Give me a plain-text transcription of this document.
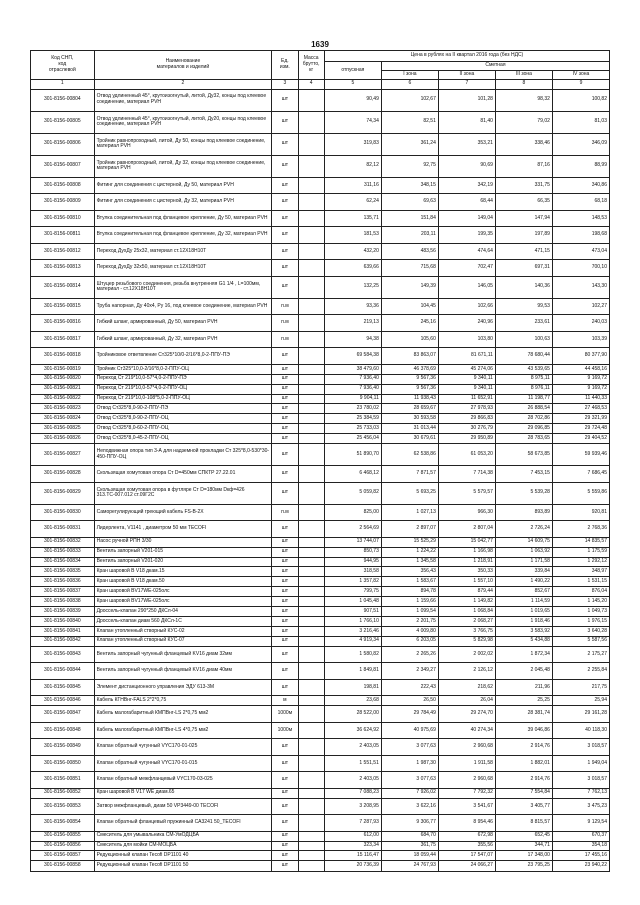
1639
Код СНП,
код
отраслевой	Наименование
материалов и изделий	Ед.
изм.	Масса
брутто,
кг	Цена в рублях на II квартал 2016 года (без НДС)				
				отпускная	Сметная			
					I зона	II зона	III зона	IV зона
1	2	3	4	5	6	7	8	9
301-8156-00804	Отвод удлиненный 45°, крутоизогнутый, литой, Ду32, концы под клеевое соединение, материал PVH	шт		90,49	102,67	101,28	98,32	100,82
301-8156-00805	Отвод удлиненный 45°, крутоизогнутый, литой, Ду20, концы под клеевое соединение, материал PVH	шт		74,34	82,51	81,40	79,02	81,03
301-8156-00806	Тройник равнопроходный, литой, Ду 50, концы под клеевое соединение, материал PVH	шт		319,83	361,24	353,21	338,46	346,09
301-8156-00807	Тройник равнопроходный, литой, Ду 32, концы под клеевое соединение, материал PVH	шт		82,12	92,75	90,69	87,16	88,99
301-8156-00808	Фитинг для соединения с цистерной, Ду 50, материал PVH	шт		311,16	348,15	342,19	331,75	340,86
301-8156-00809	Фитинг для соединения с цистерной, Ду 32, материал PVH	шт		62,24	69,63	68,44	66,35	68,18
301-8156-00810	Втулка соединительная под фланцевое крепление, Ду 50, материал PVH	шт		135,71	151,84	149,04	147,94	148,53
301-8156-00811	Втулка соединительная под фланцевое крепление, Ду 32, материал PVH	шт		181,53	203,11	199,35	197,89	198,68
301-8156-00812	Переход ДуxДу 25x32, материал ст.12X18H10T	шт		432,20	483,56	474,64	471,15	473,04
301-8156-00813	Переход ДуxДу 32x50, материал ст.12X18H10T	шт		639,66	715,68	702,47	697,31	700,10
301-8156-00814	Штуцер резьбового соединения, резьба внутренняя G1 1/4 , L=100мм, материал - ст.12X18H10T	шт		132,25	149,39	146,05	140,36	143,30
301-8156-00815	Труба напорная, Ду 40x4, Ру 16, под клеевое соединение, материал PVH	п.м		93,36	104,45	102,66	99,53	102,27
301-8156-00816	Гибкий шланг, армированный, Ду 50, материал PVH	п.м		219,13	245,16	240,96	233,61	240,03
301-8156-00817	Гибкий шланг, армированный, Ду 32, материал PVH	п.м		94,38	105,60	103,80	100,63	103,39
301-8156-00818	Тройниковое ответвление Ст325*10/0-2/16*8,0-2-ППУ-ПЭ	шт		69 584,38	83 863,07	81 671,11	78 680,44	80 377,90
301-8156-00819	Тройник Ст325*10,0-2/16*8,0-2-ППУ-ОЦ	шт		38 479,60	46 378,69	45 274,06	43 539,65	44 458,16
301-8156-00820	Переход Ст 219*10,0-57*4,0-2-ППУ-ПЭ	шт		7 936,40	9 567,36	9 340,11	8 975,11	9 169,72
301-8156-00821	Переход Ст 219*10,0-57*4,0-2-ППУ-ОЦ	шт		7 936,40	9 567,36	9 340,11	8 976,11	9 169,72
301-8156-00822	Переход Ст 219*10,0-108*5,0-2-ППУ-ОЦ	шт		9 904,11	11 938,43	11 652,91	11 198,77	11 440,33
301-8156-00823	Отвод Ст325*8,0-90-2-ППУ-ПЭ	шт		23 780,02	28 659,67	27 978,93	26 888,54	27 468,53
301-8156-00824	Отвод Ст325*8,0-90-2-ППУ-ОЦ	шт		25 384,59	30 593,58	29 866,83	28 702,86	29 321,99
301-8156-00825	Отвод Ст325*8,0-60-2-ППУ-ОЦ	шт		25 733,03	31 013,44	30 276,79	29 096,85	29 724,48
301-8156-00826	Отвод Ст325*8,0-45-2-ППУ-ОЦ	шт		25 456,04	30 679,61	29 950,89	28 783,65	29 404,52
301-8156-00827	Неподвижная опора тип 3-А для надземной прокладки Ст 325*8,0-530*30-450-ППУ-ОЦ	шт		51 890,70	62 538,86	61 053,20	58 673,85	59 939,46
301-8156-00828	Скользящая хомутовая опора Ст D=450мм СПКТР 27.22.01	шт		6 468,12	7 871,57	7 714,38	7 453,15	7 686,45
301-8156-00829	Скользящая хомутовая опора в футляре Ст D=180мм Dкф=426 313.ТС-007.012 ст.09Г2С	шт		5 059,82	5 693,25	5 579,57	5 539,28	5 559,86
301-8156-00830	Саморегулирующий греющий кабель FS-B-2X	п.м		825,00	1 027,13	966,30	893,89	920,81
301-8156-00831	Лидерлента, V1141 , диаметром 50 мм TECOFI	шт		2 564,69	2 897,07	2 807,04	2 726,24	2 768,36
301-8156-00832	Насос ручной РПН 3/30	шт		13 744,07	15 525,29	15 042,77	14 609,75	14 835,57
301-8156-00833	Вентиль запорный V201-015	шт		850,73	1 224,22	1 166,98	1 063,92	1 175,59
301-8156-00834	Вентиль запорный V201-020	шт		944,95	1 345,58	1 218,91	1 171,58	1 292,12
301-8156-00835	Кран шаровой В V18 дкам.15	шт		318,58	356,43	350,33	339,84	348,97
301-8156-00836	Кран шаровой В V18 дкам.50	шт		1 357,82	1 583,67	1 557,10	1 490,22	1 531,15
301-8156-00837	Кран шаровой BV17WE-025олс	шт		799,75	894,78	879,44	852,67	876,04
301-8156-00838	Кран шаровой BV17WE-025олс	шт		1 045,48	1 159,66	1 149,82	1 114,59	1 145,20
301-8156-00839	Дроссель-клапан 290*250 ДКСл-04	шт		907,51	1 099,54	1 068,84	1 019,65	1 049,73
301-8156-00840	Дроссель-клапан диам 560 ДКСл-1С	шт		1 766,10	2 201,75	2 068,27	1 918,46	1 976,15
301-8156-00841	Клапан утопленный створный КУС-02	шт		3 216,46	4 009,80	3 766,75	3 583,92	3 640,28
301-8156-00842	Клапан утопленный створный КУС-07	шт		4 919,34	6 203,05	5 829,98	5 434,88	5 587,56
301-8156-00843	Вентиль запорный чугунный фланцевый KV16 диам 32мм	шт		1 580,82	2 265,26	2 002,02	1 872,34	2 175,27
301-8156-00844	Вентиль запорный чугунный фланцевый KV16 диам 40мм	шт		1 849,81	2 349,27	2 126,12	2 045,48	2 255,84
301-8156-00845	Элемент дистанционного управления ЭДУ 613-3М	шт		198,81	222,43	218,62	211,96	217,75
301-8156-00846	Кабель КГНВнг-FALS 2*2*0,75	м		23,68	26,50	26,04	25,25	25,94
301-8156-00847	Кабель малогабаритный КМПВнг-LS 2*0,75 мм2	1000м		28 522,00	29 784,49	29 274,70	28 381,74	29 161,28
301-8156-00848	Кабель малогабаритный КМПВнг-LS 4*0,75 мм2	1000м		36 624,92	40 975,69	40 274,34	39 046,86	40 118,30
301-8156-00849	Клапан обратный чугунный VYC170-01-025	шт		2 403,05	3 077,63	2 960,68	2 914,76	3 018,57
301-8156-00850	Клапан обратный чугунный VYC170-01-015	шт		1 551,51	1 987,30	1 911,58	1 882,01	1 949,04
301-8156-00851	Клапан обратный межфланцевый VYC170-03-025	шт		2 403,05	3 077,63	2 960,68	2 914,76	3 018,57
301-8156-00852	Кран шаровой В V17 WE диам.65	шт		7 088,23	7 926,02	7 792,32	7 554,84	7 762,13
301-8156-00853	Затвор межфланцевый, диам 50 VP3449-00 TECOFI	шт		3 208,95	3 622,16	3 541,67	3 405,77	3 475,23
301-8156-00854	Клапан обратный фланцевый пружинный СА3241 50_TECOFI	шт		7 287,93	9 306,77	8 954,46	8 815,57	9 129,54
301-8156-00855	Смеситель для умывальника СМ-УмОДЦБА	шт		612,00	684,70	672,98	652,45	670,37
301-8156-00856	Смеситель для мойки СМ-МОЦБА	шт		323,34	361,75	355,56	344,71	354,18
301-8156-00857	Редукционный клапан Tecofi DP1101 40	шт		15 116,47	18 059,44	17 547,07	17 348,00	17 455,16
301-8156-00858	Редукционный клапан Tecofi DP1101 50	шт		20 736,39	24 767,93	24 066,27	23 795,25	23 940,22
